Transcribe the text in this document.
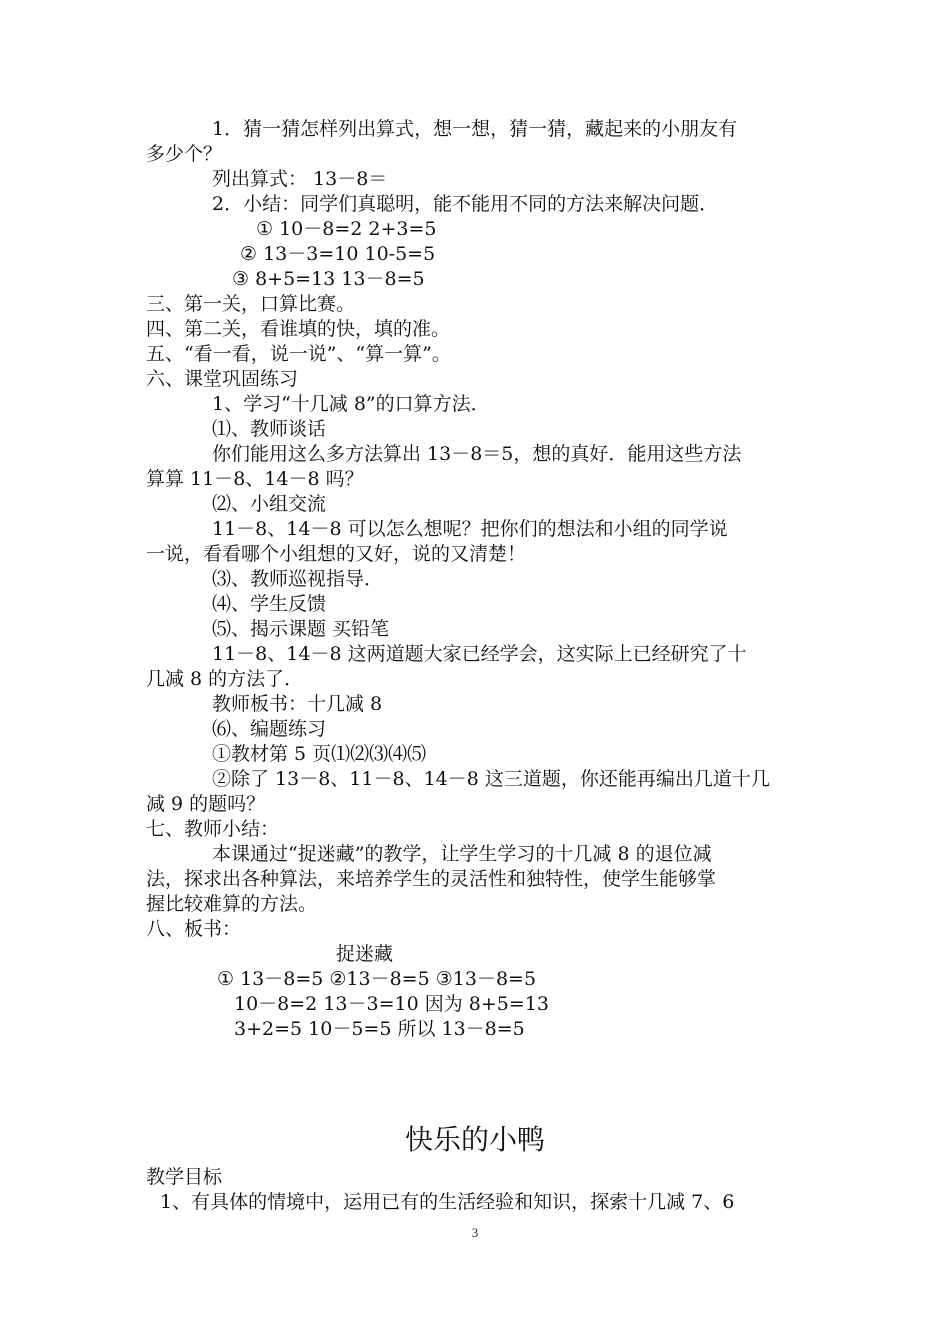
1．猜一猜怎样列出算式，想一想，猜一猜，藏起来的小朋友有
多少个？
列出算式： 13－8＝
2．小结：同学们真聪明，能不能用不同的方法来解决问题．
① 10－8=2 2+3=5
② 13－3=10 10-5=5
③ 8+5=13 13－8=5
三、第一关，口算比赛。
四、第二关，看谁填的快，填的准。
五、“看一看，说一说”、“算一算”。
六、课堂巩固练习
1、学习“十几减 8”的口算方法．
⑴、教师谈话
你们能用这么多方法算出 13－8＝5，想的真好．能用这些方法
算算 11－8、14－8 吗？
⑵、小组交流
11－8、14－8 可以怎么想呢？把你们的想法和小组的同学说
一说，看看哪个小组想的又好，说的又清楚！
⑶、教师巡视指导．
⑷、学生反馈
⑸、揭示课题 买铅笔
11－8、14－8 这两道题大家已经学会，这实际上已经研究了十
几减 8 的方法了．
教师板书：十几减 8
⑹、编题练习
①教材第 5 页⑴⑵⑶⑷⑸
②除了 13－8、11－8、14－8 这三道题，你还能再编出几道十几
减 9 的题吗？
七、教师小结：
本课通过“捉迷藏”的教学，让学生学习的十几减 8 的退位减
法，探求出各种算法，来培养学生的灵活性和独特性，使学生能够掌
握比较难算的方法。
八、板书：
捉迷藏
① 13－8=5 ②13－8=5 ③13－8=5
10－8=2 13－3=10 因为 8+5=13
3+2=5 10－5=5 所以 13－8=5
快乐的小鸭
教学目标
1、有具体的情境中，运用已有的生活经验和知识，探索十几减 7、6
3
